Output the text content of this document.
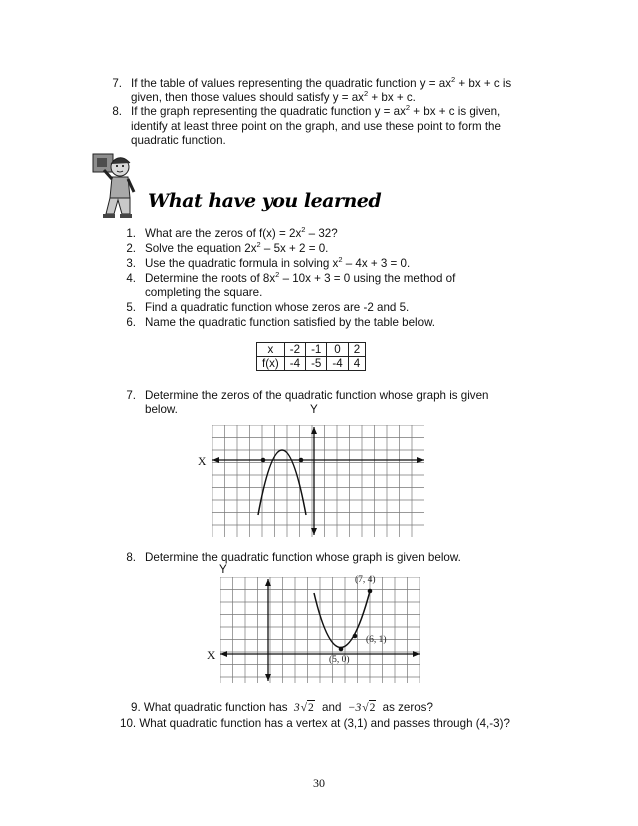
7. If the table of values representing the quadratic function $y = ax^2$ + bx + c is
given, then those values should satisfy $y = ax^2$ + bx + c.
8. If the graph representing the quadratic function $y = ax^2$ + bx + c is given,
identify at least three point on the graph, and use these point to form the
quadratic function.
What have you learned
1. What are the zeros of $f(x) = 2x^2 - 32$?
2. Solve the equation $2x^2 - 5x + 2 = 0$.
3. Use the quadratic formula in solving $x^2 - 4x + 3 = 0$.
4. Determine the roots of $8x^2 - 10x + 3 = 0$ using the method of
completing the square.
5. Find a quadratic function whose zeros are -2 and 5.
6. Name the quadratic function satisfied by the table below.
x	-2	-1	0	2
f(x)	-4	-5	-4	4
7. Determine the zeros of the quadratic function whose graph is given
below.	Y
X
8. Determine the quadratic function whose graph is given below.
Y
X
(7, 4)
(6, 1)
(5, 0)
9. What quadratic function has 3√2 and −3√2 as zeros?
10. What quadratic function has a vertex at (3,1) and passes through (4,-3)?
30
